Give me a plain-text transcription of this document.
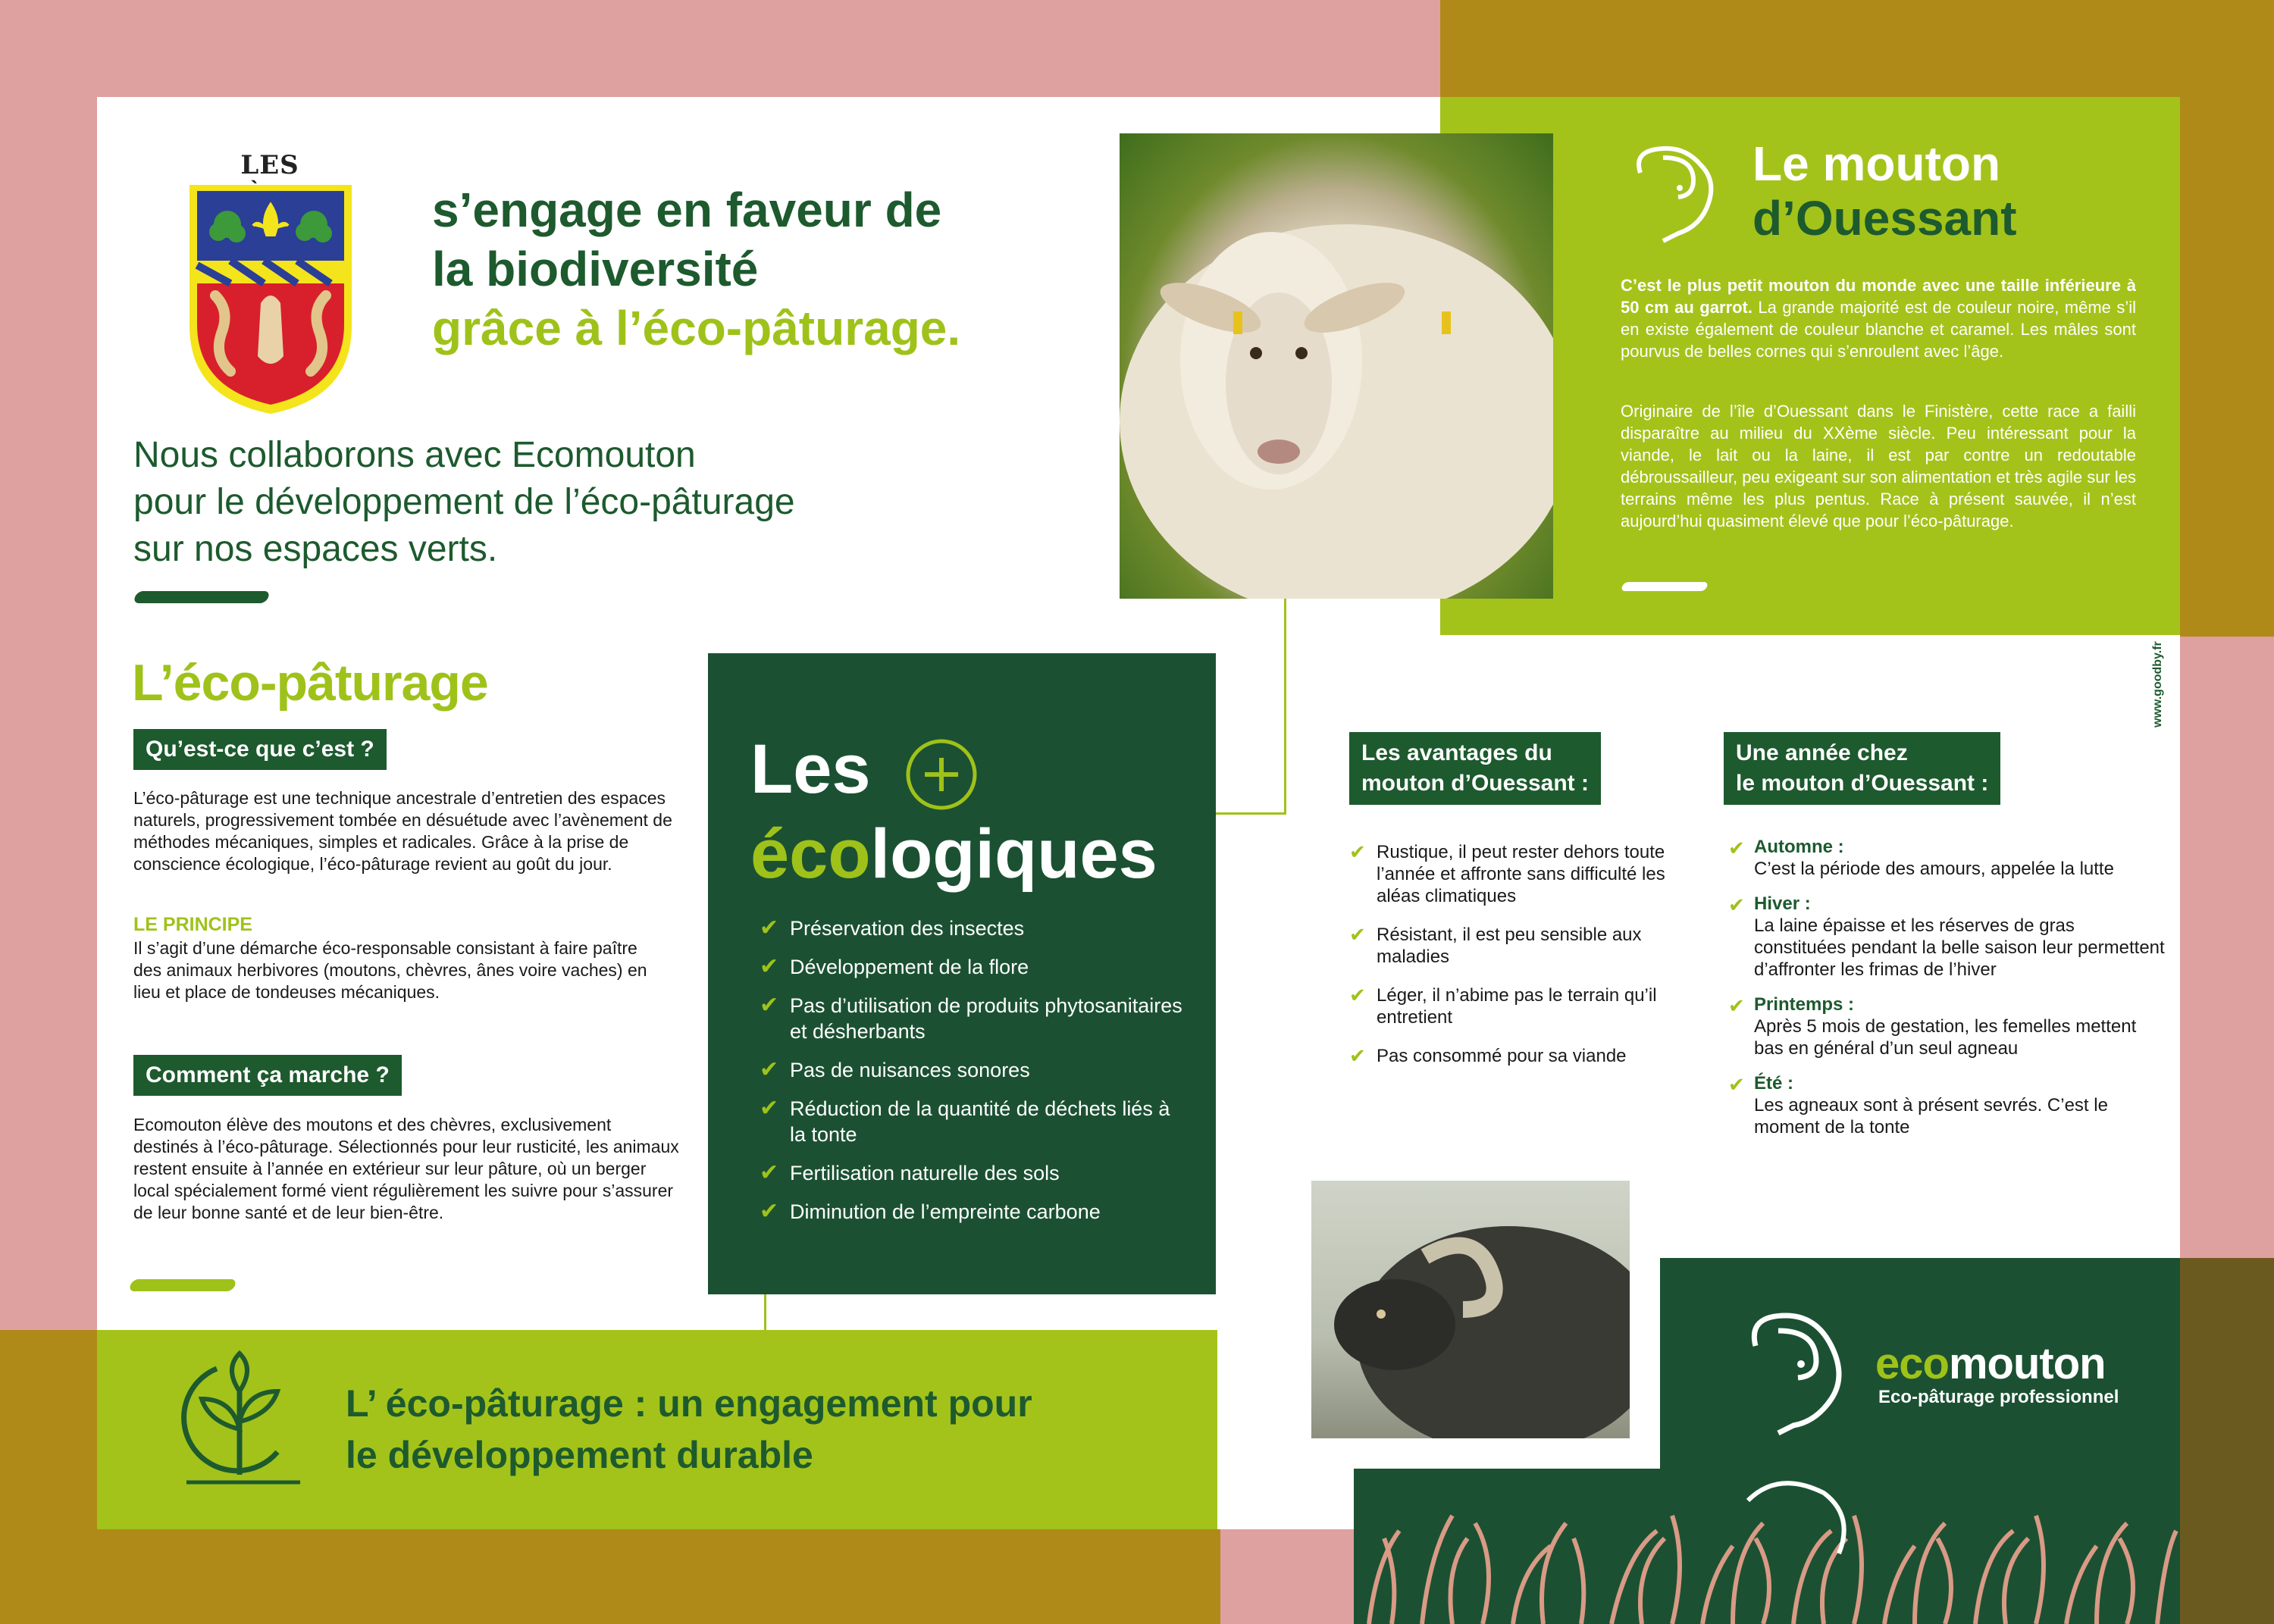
LES
s’engage en faveur de
la biodiversité
grâce à l’éco-pâturage.
Nous collaborons avec Ecomouton
pour le développement de l’éco-pâturage
sur nos espaces verts.
L’éco-pâturage
Qu’est-ce que c’est ?
L’éco-pâturage est une technique ancestrale d’entretien des espaces naturels, progressivement tombée en désuétude avec l’avènement de méthodes mécaniques, simples et radicales. Grâce à la prise de conscience écologique, l’éco-pâturage revient au goût du jour.
LE PRINCIPE
Il s’agit d’une démarche éco-responsable consistant à faire paître des animaux herbivores (moutons, chèvres, ânes voire vaches) en lieu et place de tondeuses mécaniques.
Comment ça marche ?
Ecomouton élève des moutons et des chèvres, exclusivement destinés à l’éco-pâturage. Sélectionnés pour leur rusticité, les animaux restent ensuite à l’année en extérieur sur leur pâture, où un berger local spécialement formé vient régulièrement les suivre pour s’assurer de leur bonne santé et de leur bien-être.
Les
écologiques
✔ Préservation des insectes
✔ Développement de la flore
✔ Pas d’utilisation de produits phytosanitaires et désherbants
✔ Pas de nuisances sonores
✔ Réduction de la quantité de déchets liés à la tonte
✔ Fertilisation naturelle des sols
✔ Diminution de l’empreinte carbone
Le mouton
d’Ouessant
C’est le plus petit mouton du monde avec une taille inférieure à 50 cm au garrot. La grande majorité est de couleur noire, même s’il en existe également de couleur blanche et caramel. Les mâles sont pourvus de belles cornes qui s’enroulent avec l’âge.
Originaire de l’île d’Ouessant dans le Finistère, cette race a failli disparaître au milieu du XXème siècle. Peu intéressant pour la viande, le lait ou la laine, il est par contre un redoutable débroussailleur, peu exigeant sur son alimentation et très agile sur les terrains même les plus pentus. Race à présent sauvée, il n’est aujourd’hui quasiment élevé que pour l’éco-pâturage.
Les avantages du
mouton d’Ouessant :
✔ Rustique, il peut rester dehors toute l’année et affronte sans difficulté les aléas climatiques
✔ Résistant, il est peu sensible aux maladies
✔ Léger, il n’abime pas le terrain qu’il entretient
✔ Pas consommé pour sa viande
Une année chez
le mouton d’Ouessant :
✔ Automne :
C’est la période des amours, appelée la lutte
✔ Hiver :
La laine épaisse et les réserves de gras constituées pendant la belle saison leur permettent d’affronter les frimas de l’hiver
✔ Printemps :
Après 5 mois de gestation, les femelles mettent bas en général d’un seul agneau
✔ Été :
Les agneaux sont à présent sevrés. C’est le moment de la tonte
www.goodby.fr
L’ éco-pâturage : un engagement pour
le développement durable
ecomouton
Eco-pâturage professionnel
